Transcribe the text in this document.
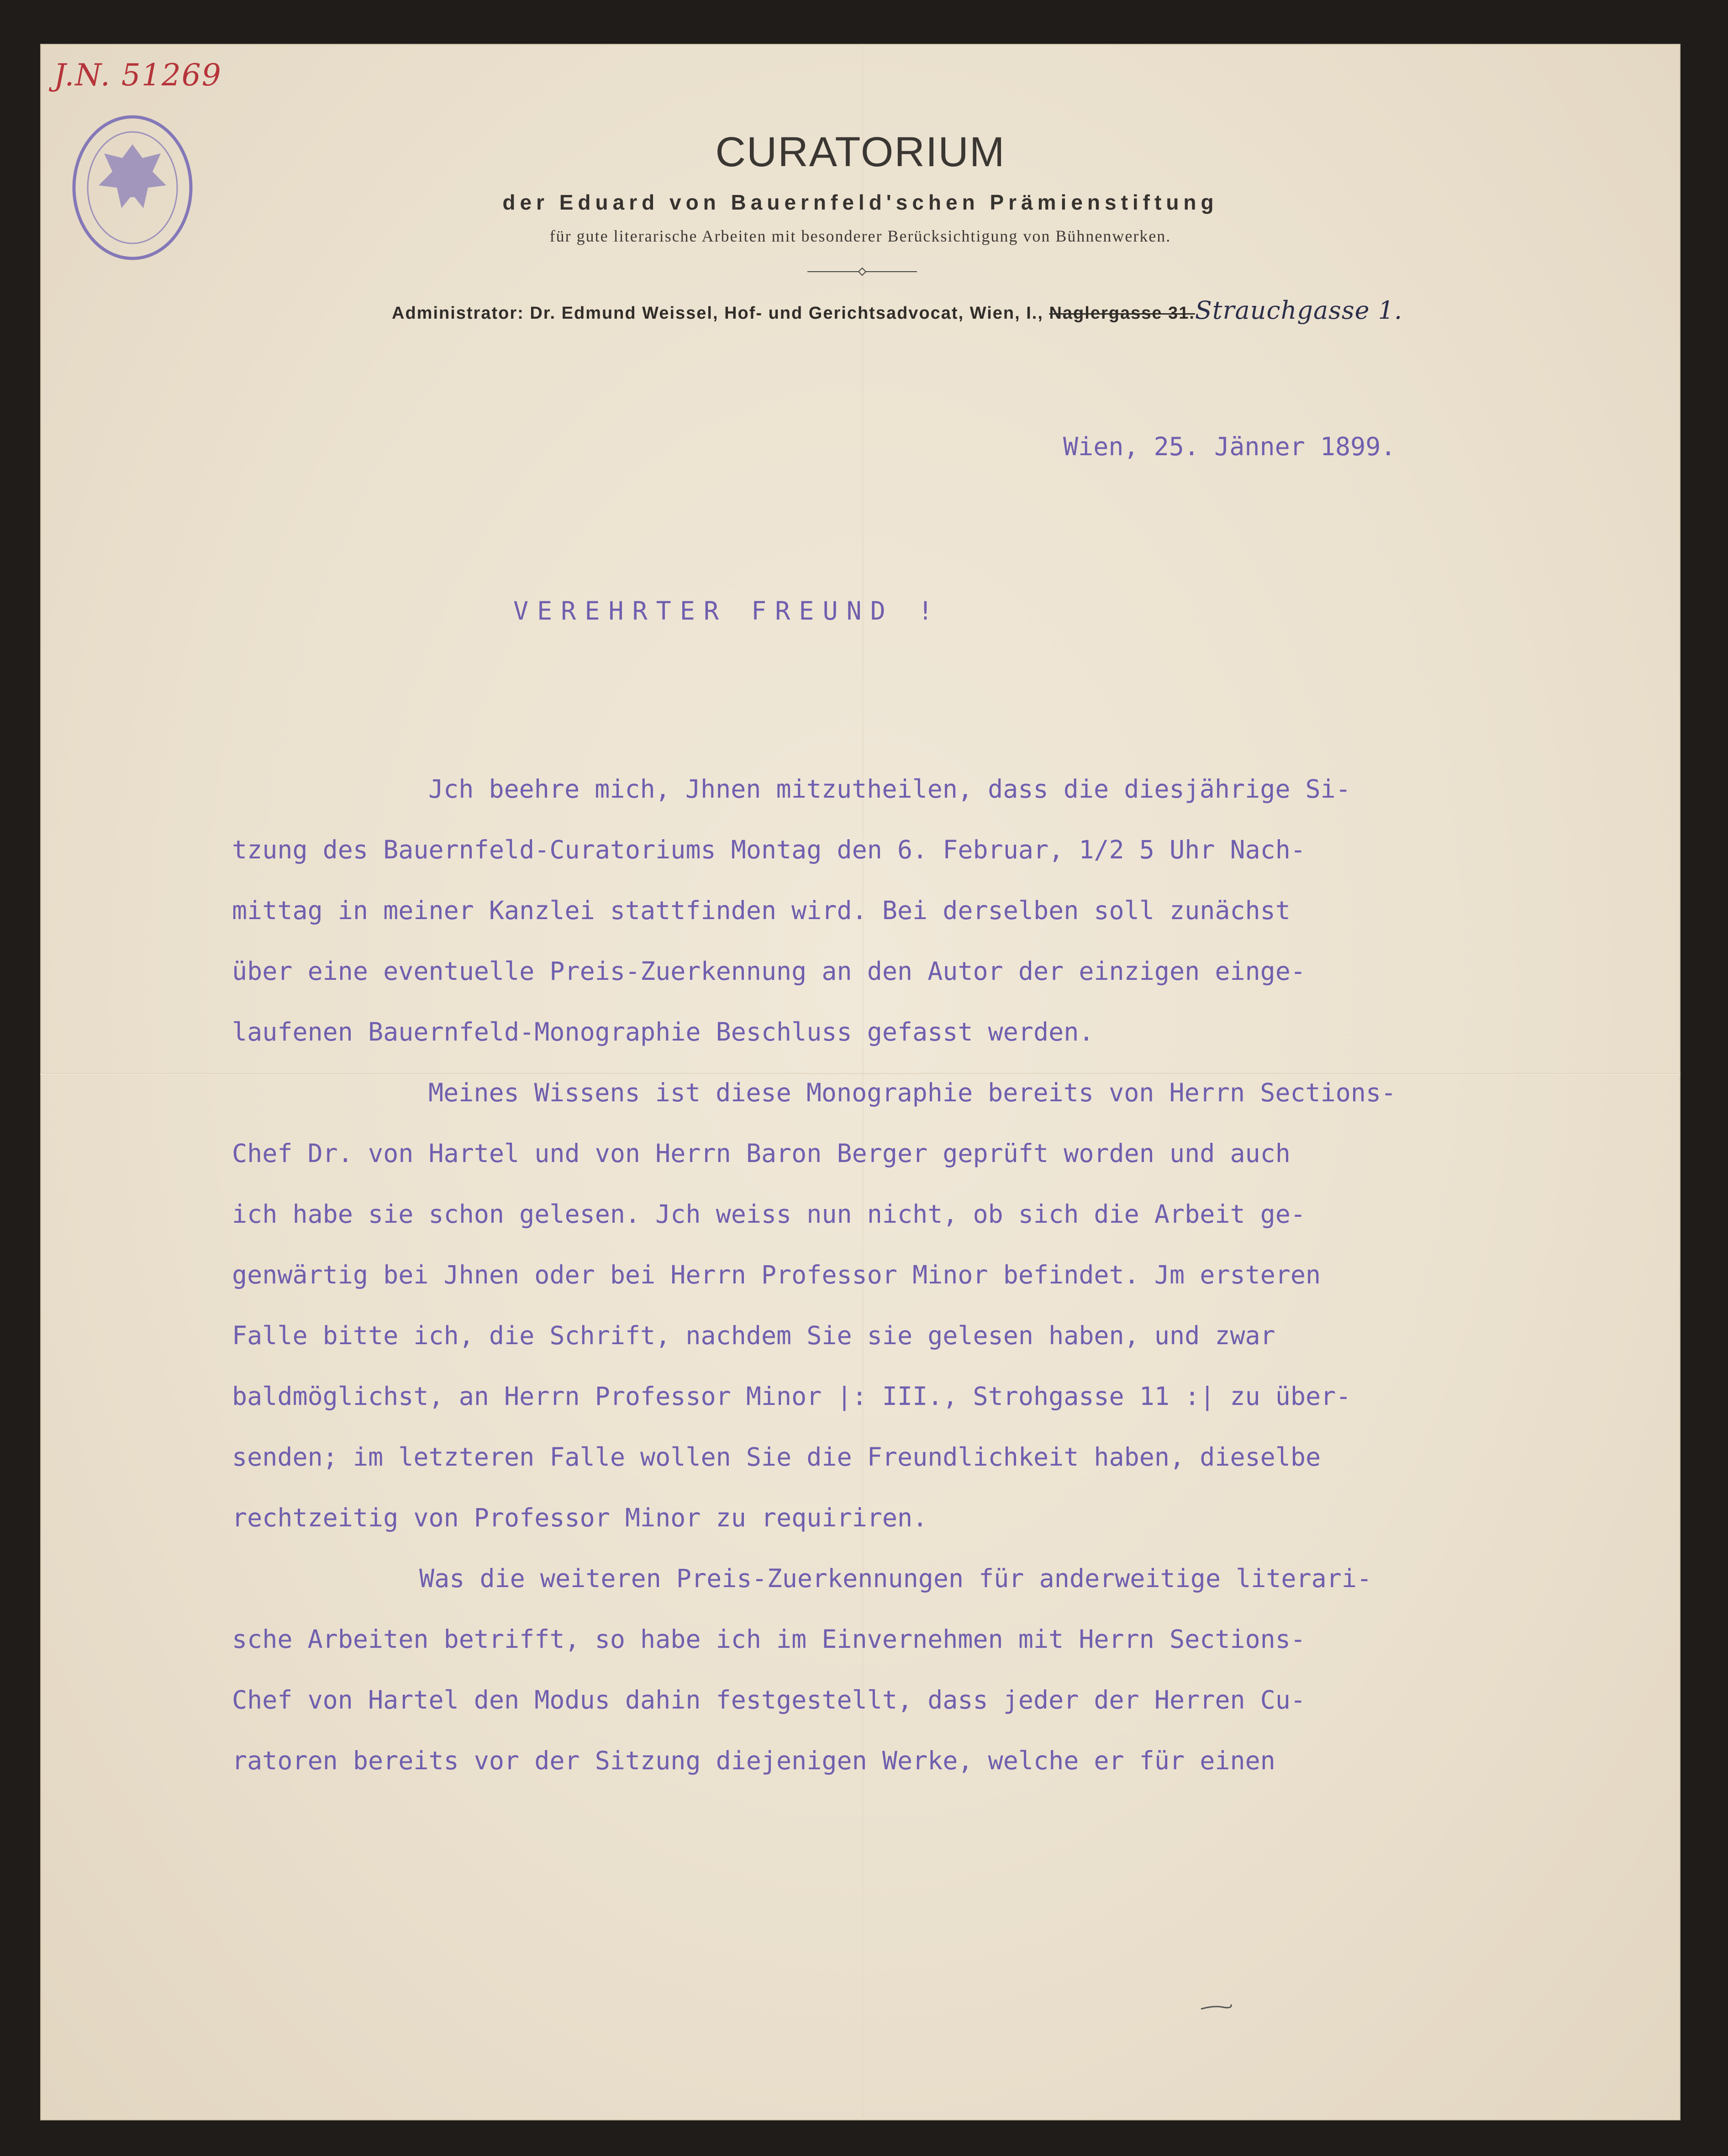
J.N. 51269
CURATORIUM
der Eduard von Bauernfeld'schen Prämienstiftung
für gute literarische Arbeiten mit besonderer Berücksichtigung von Bühnenwerken.
Administrator: Dr. Edmund Weissel, Hof- und Gerichtsadvocat, Wien, I., Naglergasse 31.Strauchgasse 1.
Wien, 25. Jänner 1899.
VEREHRTER FREUND !
Jch beehre mich, Jhnen mitzutheilen, dass die diesjährige Si-
tzung des Bauernfeld-Curatoriums Montag den 6. Februar, 1/2 5 Uhr Nach-
mittag in meiner Kanzlei stattfinden wird. Bei derselben soll zunächst
über eine eventuelle Preis-Zuerkennung an den Autor der einzigen einge-
laufenen Bauernfeld-Monographie Beschluss gefasst werden.
Meines Wissens ist diese Monographie bereits von Herrn Sections-
Chef Dr. von Hartel und von Herrn Baron Berger geprüft worden und auch
ich habe sie schon gelesen. Jch weiss nun nicht, ob sich die Arbeit ge-
genwärtig bei Jhnen oder bei Herrn Professor Minor befindet. Jm ersteren
Falle bitte ich, die Schrift, nachdem Sie sie gelesen haben, und zwar
baldmöglichst, an Herrn Professor Minor |: III., Strohgasse 11 :| zu über-
senden; im letzteren Falle wollen Sie die Freundlichkeit haben, dieselbe
rechtzeitig von Professor Minor zu requiriren.
Was die weiteren Preis-Zuerkennungen für anderweitige literari-
sche Arbeiten betrifft, so habe ich im Einvernehmen mit Herrn Sections-
Chef von Hartel den Modus dahin festgestellt, dass jeder der Herren Cu-
ratoren bereits vor der Sitzung diejenigen Werke, welche er für einen
